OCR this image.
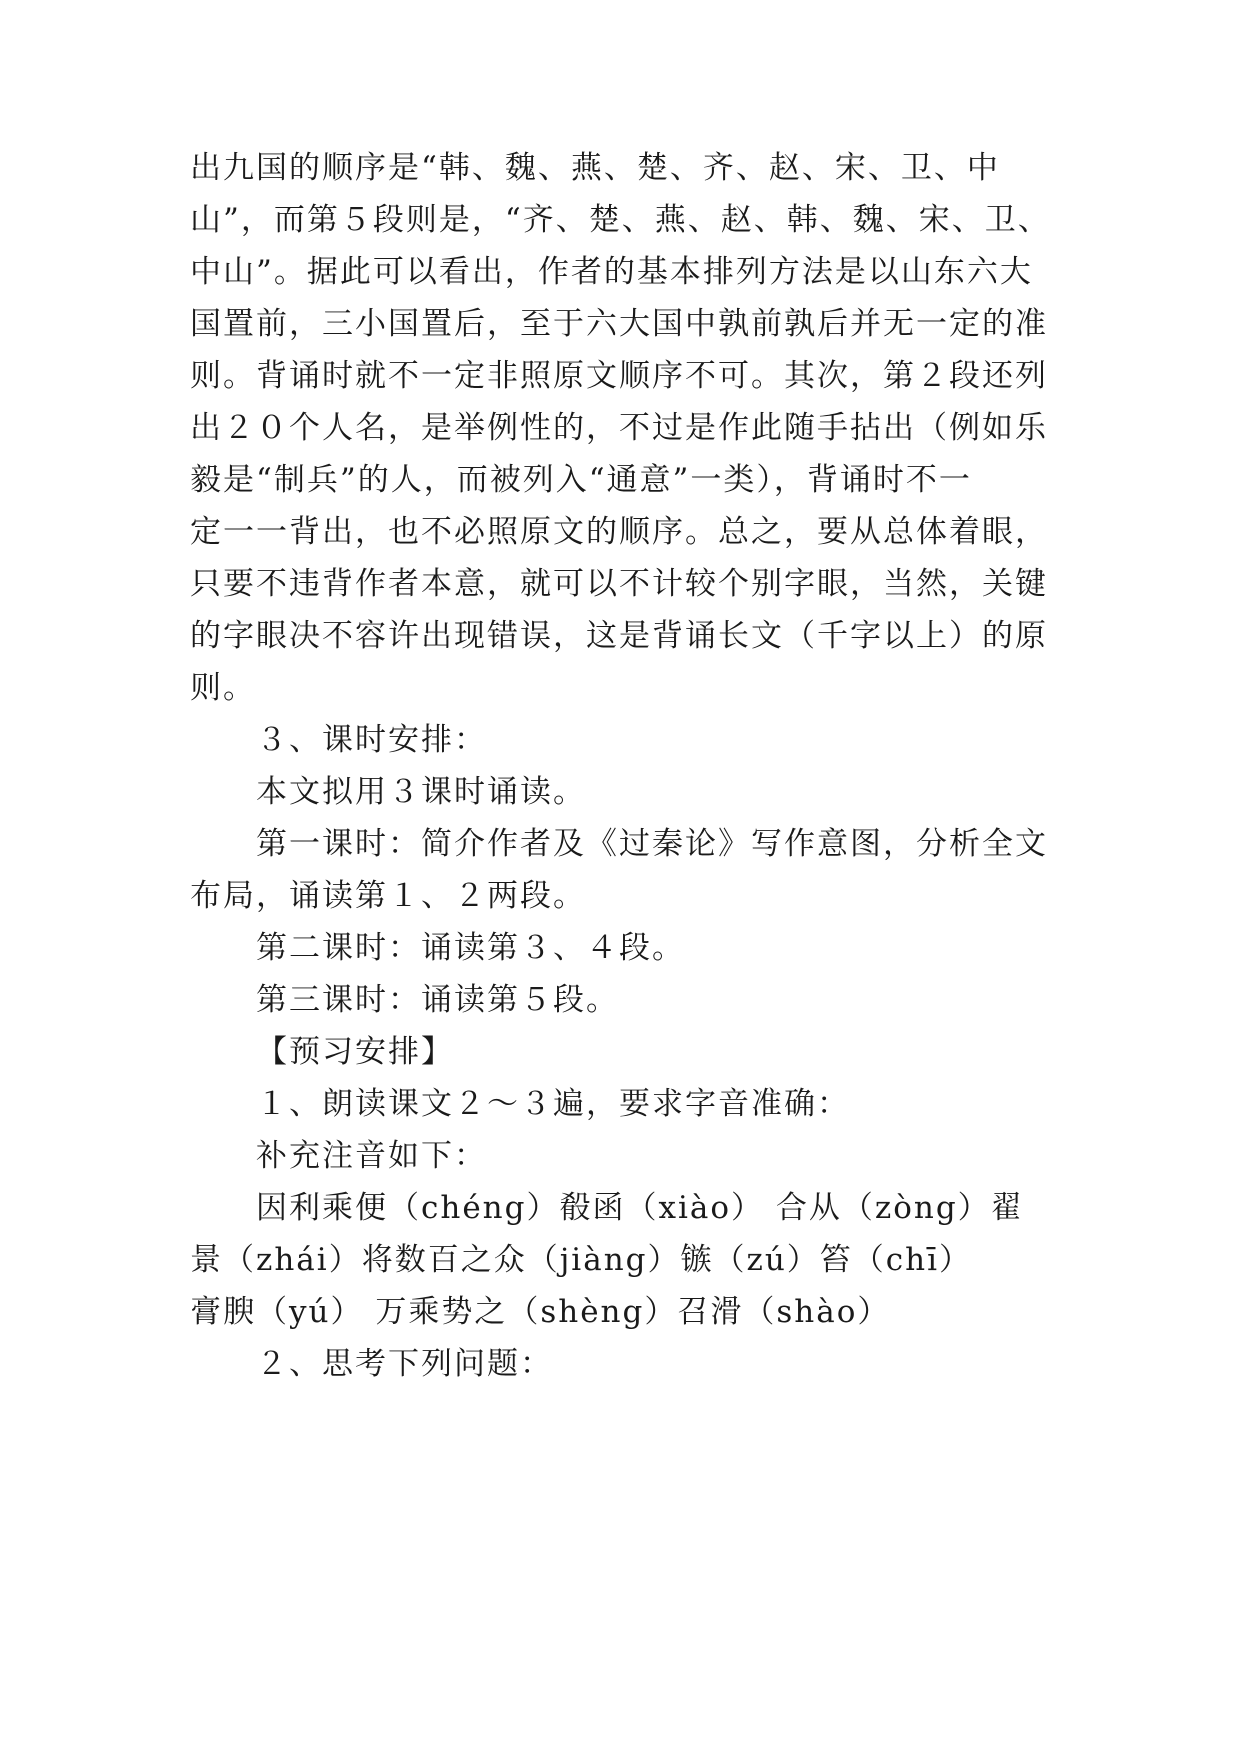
出九国的顺序是“韩、魏、燕、楚、齐、赵、宋、卫、中
山”，而第５段则是，“齐、楚、燕、赵、韩、魏、宋、卫、
中山”。据此可以看出，作者的基本排列方法是以山东六大
国置前，三小国置后，至于六大国中孰前孰后并无一定的准
则。背诵时就不一定非照原文顺序不可。其次，第２段还列
出２０个人名，是举例性的，不过是作此随手拈出（例如乐
毅是“制兵”的人，而被列入“通意”一类），背诵时不一
定一一背出，也不必照原文的顺序。总之，要从总体着眼，
只要不违背作者本意，就可以不计较个别字眼，当然，关键
的字眼决不容许出现错误，这是背诵长文（千字以上）的原
则。
３、课时安排：
本文拟用３课时诵读。
第一课时：简介作者及《过秦论》写作意图，分析全文
布局，诵读第１、２两段。
第二课时：诵读第３、４段。
第三课时：诵读第５段。
【预习安排】
１、朗读课文２～３遍，要求字音准确：
补充注音如下：
因利乘便（chéng）殽函（xiào） 合从（zòng）翟
景（zhái）将数百之众（jiàng）镞（zú）笞（chī）
膏腴（yú） 万乘势之（shèng）召滑（shào）
２、思考下列问题：
